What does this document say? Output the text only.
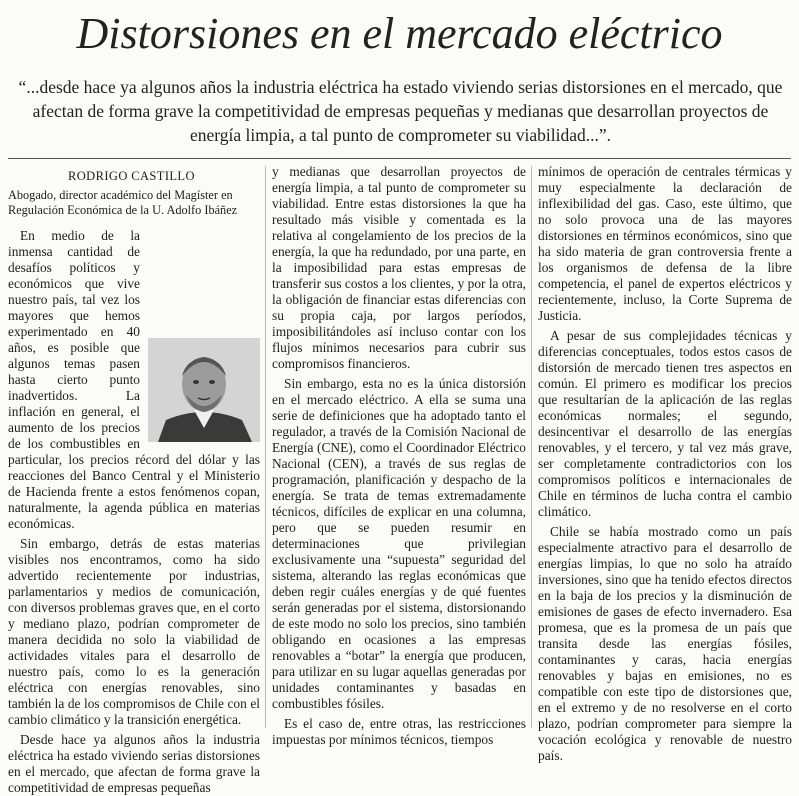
Distorsiones en el mercado eléctrico
“...desde hace ya algunos años la industria eléctrica ha estado viviendo serias distorsiones en el mercado, que afectan de forma grave la competitividad de empresas pequeñas y medianas que desarrollan proyectos de energía limpia, a tal punto de comprometer su viabilidad...”.
RODRIGO CASTILLO

Abogado, director académico del Magíster en Regulación Económica de la U. Adolfo Ibáñez

En medio de la inmensa cantidad de desafíos políticos y económicos que vive nuestro país, tal vez los mayores que hemos experimentado en 40 años, es posible que algunos temas pasen hasta cierto punto inadvertidos. La inflación en general, el aumento de los precios de los combustibles en particular, los precios récord del dólar y las reacciones del Banco Central y el Ministerio de Hacienda frente a estos fenómenos copan, naturalmente, la agenda pública en materias económicas.

Sin embargo, detrás de estas materias visibles nos encontramos, como ha sido advertido recientemente por industrias, parlamentarios y medios de comunicación, con diversos problemas graves que, en el corto y mediano plazo, podrían comprometer de manera decidida no solo la viabilidad de actividades vitales para el desarrollo de nuestro país, como lo es la generación eléctrica con energías renovables, sino también la de los compromisos de Chile con el cambio climático y la transición energética.

Desde hace ya algunos años la industria eléctrica ha estado viviendo serias distorsiones en el mercado, que afectan de forma grave la competitividad de empresas pequeñas

y medianas que desarrollan proyectos de energía limpia, a tal punto de comprometer su viabilidad. Entre estas distorsiones la que ha resultado más visible y comentada es la relativa al congelamiento de los precios de la energía, la que ha redundado, por una parte, en la imposibilidad para estas empresas de transferir sus costos a los clientes, y por la otra, la obligación de financiar estas diferencias con su propia caja, por largos períodos, imposibilitándoles así incluso contar con los flujos mínimos necesarios para cubrir sus compromisos financieros.

Sin embargo, esta no es la única distorsión en el mercado eléctrico. A ella se suma una serie de definiciones que ha adoptado tanto el regulador, a través de la Comisión Nacional de Energía (CNE), como el Coordinador Eléctrico Nacional (CEN), a través de sus reglas de programación, planificación y despacho de la energía. Se trata de temas extremadamente técnicos, difíciles de explicar en una columna, pero que se pueden resumir en determinaciones que privilegian exclusivamente una “supuesta” seguridad del sistema, alterando las reglas económicas que deben regir cuáles energías y de qué fuentes serán generadas por el sistema, distorsionando de este modo no solo los precios, sino también obligando en ocasiones a las empresas renovables a “botar” la energía que producen, para utilizar en su lugar aquellas generadas por unidades contaminantes y basadas en combustibles fósiles.

Es el caso de, entre otras, las restricciones impuestas por mínimos técnicos, tiempos

mínimos de operación de centrales térmicas y muy especialmente la declaración de inflexibilidad del gas. Caso, este último, que no solo provoca una de las mayores distorsiones en términos económicos, sino que ha sido materia de gran controversia frente a los organismos de defensa de la libre competencia, el panel de expertos eléctricos y recientemente, incluso, la Corte Suprema de Justicia.

A pesar de sus complejidades técnicas y diferencias conceptuales, todos estos casos de distorsión de mercado tienen tres aspectos en común. El primero es modificar los precios que resultarían de la aplicación de las reglas económicas normales; el segundo, desincentivar el desarrollo de las energías renovables, y el tercero, y tal vez más grave, ser completamente contradictorios con los compromisos políticos e internacionales de Chile en términos de lucha contra el cambio climático.

Chile se había mostrado como un país especialmente atractivo para el desarrollo de energías limpias, lo que no solo ha atraído inversiones, sino que ha tenido efectos directos en la baja de los precios y la disminución de emisiones de gases de efecto invernadero. Esa promesa, que es la promesa de un país que transita desde las energías fósiles, contaminantes y caras, hacia energías renovables y bajas en emisiones, no es compatible con este tipo de distorsiones que, en el extremo y de no resolverse en el corto plazo, podrían comprometer para siempre la vocación ecológica y renovable de nuestro país.
